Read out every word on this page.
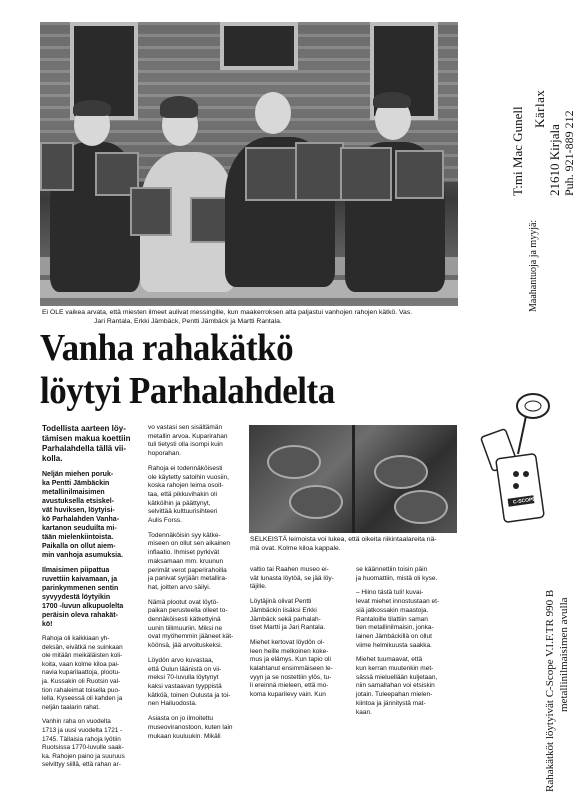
Ei OLE vaikea arvata, että miesten ilmeet aulivat messingille, kun maakerroksen alta paljastui vanhojen rahojen kätkö. Vas.
Jari Rantala, Erkki Jämbäck, Pentti Jämbäck ja Martti Rantala.
Vanha rahakätkö
löytyi Parhalahdelta

Todellista aarteen löy-
tämisen makua koettiin
Parhalahdella tällä vii-
kolla.

Neljän miehen poruk-
ka Pentti Jämbäckin
metallinilmaisimen
avustuksella etsiskel-
vät huviksen, löytyisi-
kö Parhalahden Vanha-
kartanon seuduilta mi-
tään mielenkiintoista.
Paikalla on ollut aiem-
min vanhoja asumuksia.

Ilmaisimen piipattua
ruvettiin kaivamaan, ja
parinkymmenen sentin
syvyydestä löytyikin
1700 -luvun alkupuolelta
peräisin oleva rahakät-
kö!

Rahoja oli kaikkiaan yh-
deksän, eivätkä ne suinkaan
ole mitään meikäläisten koli-
koita, vaan kolme kiloa pai-
navia kuparilaattoja, plootu-
ja. Kussakin oli Ruotsin val-
tion rahaleimat toisella puo-
lella. Kyseessä oli kahden ja
neljän taalarin rahat.

Vanhin raha on vuodelta
1713 ja uusi vuodelta 1721 -
1745. Tällaisia rahoja lyötiin
Ruotsissa 1770-luvulle saak-
ka. Rahojen paino ja suuruus
selvittyy siillä, että rahan ar-

vo vastasi sen sisältämän
metallin arvoa. Kuparirahan
tuli tietysti olla isompi kuin
hoporahan.

Rahoja ei todennäköisesti
ole käytetty satoihin vuosiin,
koska rahojen leima osoit-
taa, että pikkuvihakin oli
kätköihin ja päättynyt,
selvittää kulttuurisihteeri
Aulis Forss.

Todennäköisin syy kätke-
miseen on ollut sen aikainen
inflaatio. Ihmiset pyrkivät
maksamaan mm. kruunun
perimät verot paperirahoilla
ja panivat syrjään metallira-
hat, joitten arvo säilyi.

Nämä plootut ovat löytö-
paikan perusteella olleet to-
dennäköisesti kätkettyinä
uunin tiilimuuriin. Miksi ne
ovat myöhemmin jääneet kät-
köönsä, jää arvoituskeksi.

Löydön arvo kuvastaa,
että Oulun läänistä on vii-
meksi 70-luvulla löytynyt
kaksi vastaavan tyyppistä
kätköä, toinen Oulusta ja toi-
nen Hailuodosta.

Asiasta on jo ilmoitettu
museoviranostoon, kuten lain
mukaan kuuluukin. Mikäli

SELKEISTÄ leimoista voi lukea, että oikeita riikintaalareita nä-
mä ovat. Kolme kiloa kappale.

valtio tai Raahen museo ei-
vät lunasta löytöä, se jää löy-
täjille.

Löytäjinä olivat Pentti
Jämbäckin lisäksi Erkki
Jämbäck sekä parhalah-
tiset Martti ja Jari Rantala.

Miehet kertovat löydön ol-
leen heille melkoinen koke-
mus ja elämys. Kun tapio oli
kalahtanut ensimmäiseen le-
vyyn ja se nostettiin ylös, tu-
li ereinnä mieleen, että mo-
koma kuparilevy vain. Kun

se käännettiin toisin päin
ja huomattiin, mistä oli kyse.

– Hiino tästä tuli! kuvai-
levat miehet innostustaan et-
siä jatkossakin maastoja.
Rantaloille tilattiin saman
tien metallinilmaisin, jonka-
lainen Jämbäckillä on ollut
viime helmikuusta saakka.

Miehet tuumaavat, että
kun kerran muutenkin met-
sässä mieluellään kuljetaan,
niin samallahan voi etsiskin
jotain. Tuleepahan mielen-
kiintoa ja jännitystä mat-
kaan.

Maahantuoja ja myyjä:
T:mi Mac Gunell Kärlax
21610 Kirjala Puh. 921-889 212
C-SCOPE
Rahakätköt löytyivät C-Scope V.I.F.TR 990 B metallinilmaisimen avulla
